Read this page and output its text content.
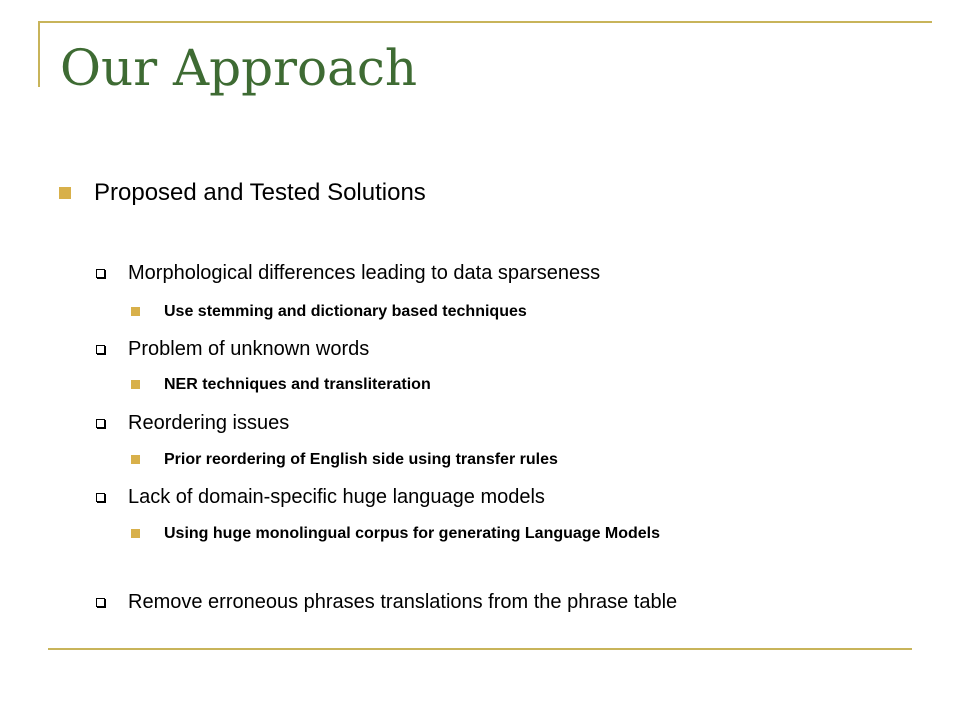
Our Approach
Proposed and Tested Solutions
Morphological differences leading to data sparseness
Use stemming and dictionary based techniques
Problem of unknown words
NER techniques and transliteration
Reordering issues
Prior reordering of English side using transfer rules
Lack of domain-specific huge language models
Using huge monolingual corpus for generating Language Models
Remove erroneous phrases translations from the phrase table
